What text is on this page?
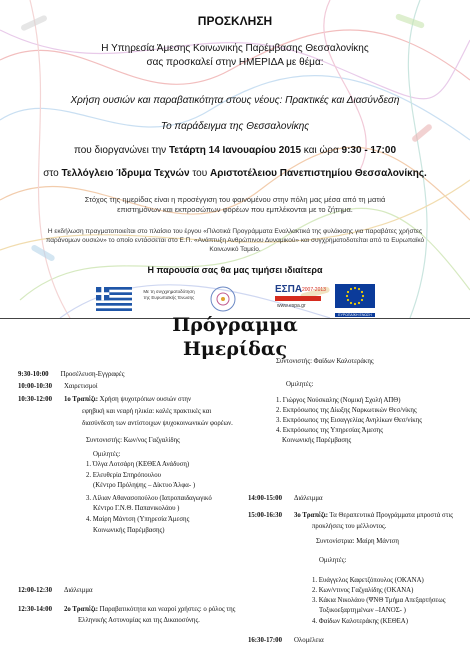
ΠΡΟΣΚΛΗΣΗ
Η Υπηρεσία Άμεσης Κοινωνικής Παρέμβασης Θεσσαλονίκης
σας προσκαλεί στην ΗΜΕΡΙΔΑ με θέμα:
Χρήση ουσιών και παραβατικότητα στους νέους: Πρακτικές και Διασύνδεση
Το παράδειγμα της Θεσσαλονίκης
που διοργανώνει την Τετάρτη 14 Ιανουαρίου 2015 και ώρα 9:30 - 17:00
στο Τελλόγλειο Ίδρυμα Τεχνών του Αριστοτέλειου Πανεπιστημίου Θεσσαλονίκης.
Στόχος της ημερίδας είναι η προσέγγιση του φαινομένου στην πόλη μας μέσα από τη ματιά
επιστημόνων και εκπροσώπων φορέων που εμπλέκονται με το ζήτημα.
Η εκδήλωση πραγματοποιείται στο πλαίσιο του έργου «Πιλοτικά Προγράμματα Εναλλακτικά της φυλάκισης για παραβάτες χρήστες
παράνομων ουσιών» το οποίο εντάσσεται στο Ε.Π. «Ανάπτυξη Ανθρώπινου Δυναμικού» και συγχρηματοδοτείται από το Ευρωπαϊκό
Κοινωνικό Ταμείο.
Η παρουσία σας θα μας τιμήσει ιδιαίτερα
Με τη συγχρηματοδότηση της Ευρωπαϊκής Ένωσης
ΕΣΠΑ 2007-2013
www.espa.gr
ΕΥΡΩΠΑΪΚΗ ΕΝΩΣΗ
Πρόγραμμα
Ημερίδας
9:30-10:00 Προσέλευση-Εγγραφές
10:00-10:30 Χαιρετισμοί
10:30-12:00 1ο Τραπέζι: Χρήση ψυχοτρόπων ουσιών στην
εφηβική και νεαρή ηλικία: καλές πρακτικές και
διασύνδεση των αντίστοιχων ψυχοκοινωνικών φορέων.
Συντονιστής: Κων/νος Γαζγαλίδης
Ομιλητές:
1. Όλγα Λοτσάρη (ΚΕΘΕΑ Ανάδυση)
2. Ελευθερία Σπηρόπουλου
(Κέντρο Πρόληψης – Δίκτυο Άλφα- )
3. Λίλιαν Αθανασοπούλου (Ιατροπαιδαγωγικό
Κέντρο Γ.Ν.Θ. Παπανικολάου )
4. Μαίρη Μάντση (Υπηρεσία Άμεσης
Κοινωνικής Παρέμβασης)
12:00-12:30 Διάλειμμα
12:30-14:00 2ο Τραπέζι: Παραβατικότητα και νεαροί χρήστες: ο ρόλος της
Ελληνικής Αστυνομίας και της Δικαιοσύνης.
Συντονιστής: Φαίδων Καλοτεράκης
Ομιλητές:
1. Γιώργος Νούσκαλης (Νομική Σχολή ΑΠΘ)
2. Εκπρόσωπος της Δίωξης Ναρκωτικών Θεσ/νίκης
3. Εκπρόσωπος της Εισαγγελίας Ανηλίκων Θεσ/νίκης
4. Εκπρόσωπος της Υπηρεσίας Άμεσης
Κοινωνικής Παρέμβασης
14:00-15:00 Διάλειμμα
15:00-16:30 3ο Τραπέζι: Τα Θεραπευτικά Προγράμματα μπροστά στις
προκλήσεις του μέλλοντος.
Συντονίστρια: Μαίρη Μάντση
Ομιλητές:
1. Ευάγγελος Καφετζόπουλος (ΟΚΑΝΑ)
2. Κων/ντινος Γαζγαλίδης (ΟΚΑΝΑ)
3. Κάκια Νικολάου (ΨΝΘ Τμήμα Απεξαρτήσεως
Τοξικοεξαρτημένων –ΙΑΝΟΣ- )
4. Φαίδων Καλοτεράκης (ΚΕΘΕΑ)
16:30-17:00 Ολομέλεια
